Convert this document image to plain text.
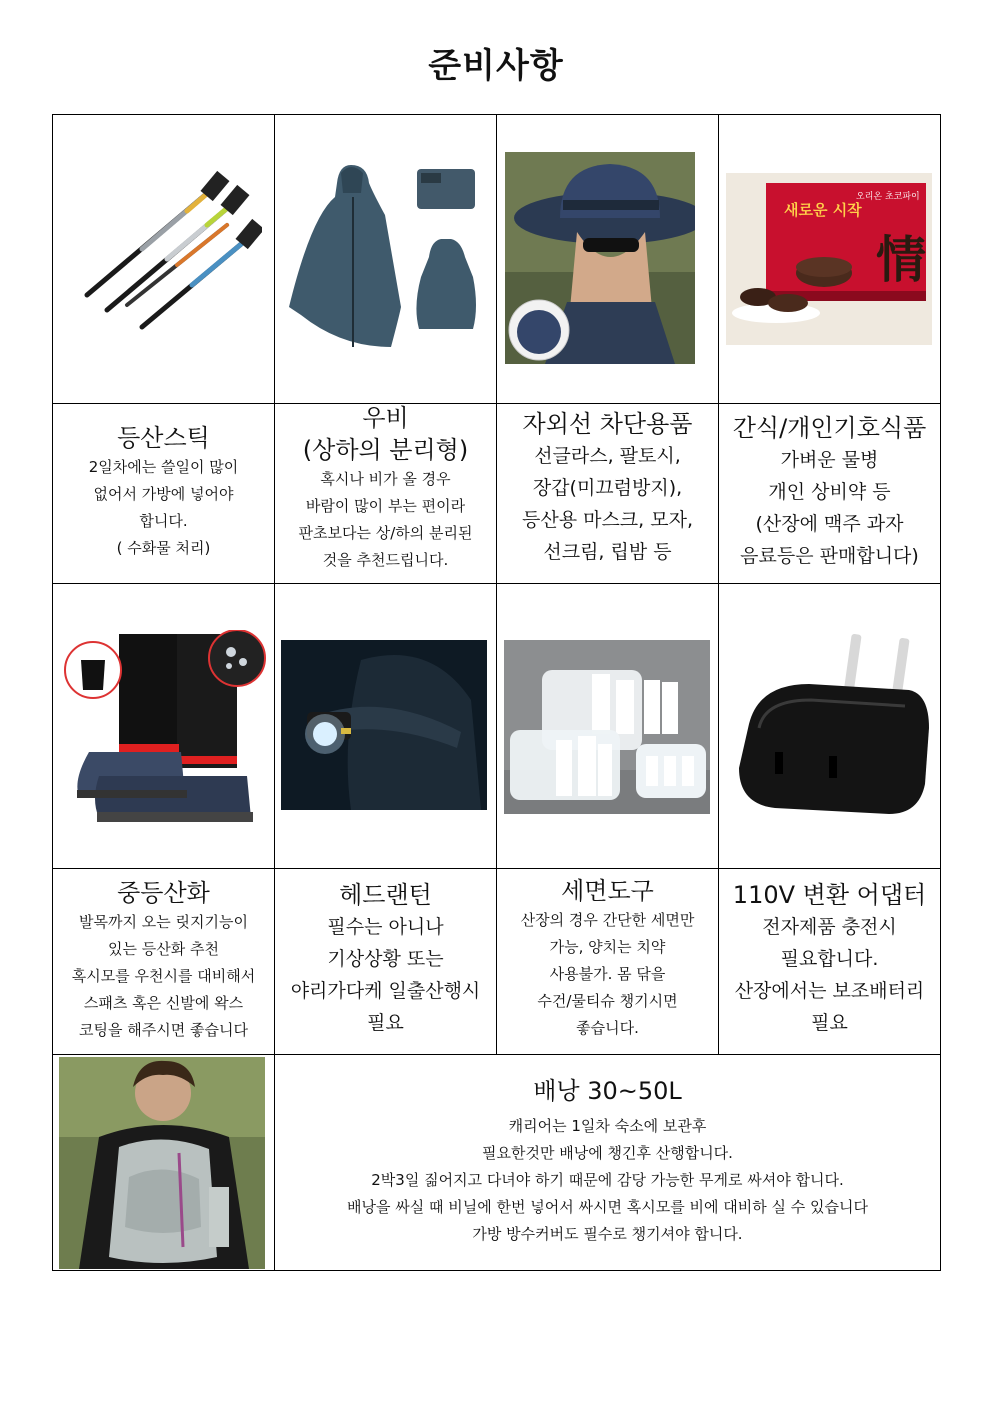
준비사항
새로운 시작
오리온 초코파이
情
등산스틱
2일차에는 쓸일이 많이
없어서 가방에 넣어야
합니다.
( 수화물 처리)
우비
(상하의 분리형)
혹시나 비가 올 경우
바람이 많이 부는 편이라
판초보다는 상/하의 분리된
것을 추천드립니다.
자외선 차단용품
선글라스, 팔토시,
장갑(미끄럼방지),
등산용 마스크, 모자,
선크림, 립밤 등
간식/개인기호식품
가벼운 물병
개인 상비약 등
(산장에 맥주 과자
음료등은 판매합니다)
중등산화
발목까지 오는 릿지기능이
있는 등산화 추천
혹시모를 우천시를 대비해서
스패츠 혹은 신발에 왁스
코팅을 해주시면 좋습니다
헤드랜턴
필수는 아니나
기상상황 또는
야리가다케 일출산행시
필요
세면도구
산장의 경우 간단한 세면만
가능, 양치는 치약
사용불가. 몸 닦을
수건/물티슈 챙기시면
좋습니다.
110V 변환 어댑터
전자제품 충전시
필요합니다.
산장에서는 보조배터리
필요
배낭 30~50L
캐리어는 1일차 숙소에 보관후
필요한것만 배낭에 챙긴후 산행합니다.
2박3일 짊어지고 다녀야 하기 때문에 감당 가능한 무게로 싸셔야 합니다.
배낭을 싸실 때 비닐에 한번 넣어서 싸시면 혹시모를 비에 대비하 실 수 있습니다
가방 방수커버도 필수로 챙기셔야 합니다.
